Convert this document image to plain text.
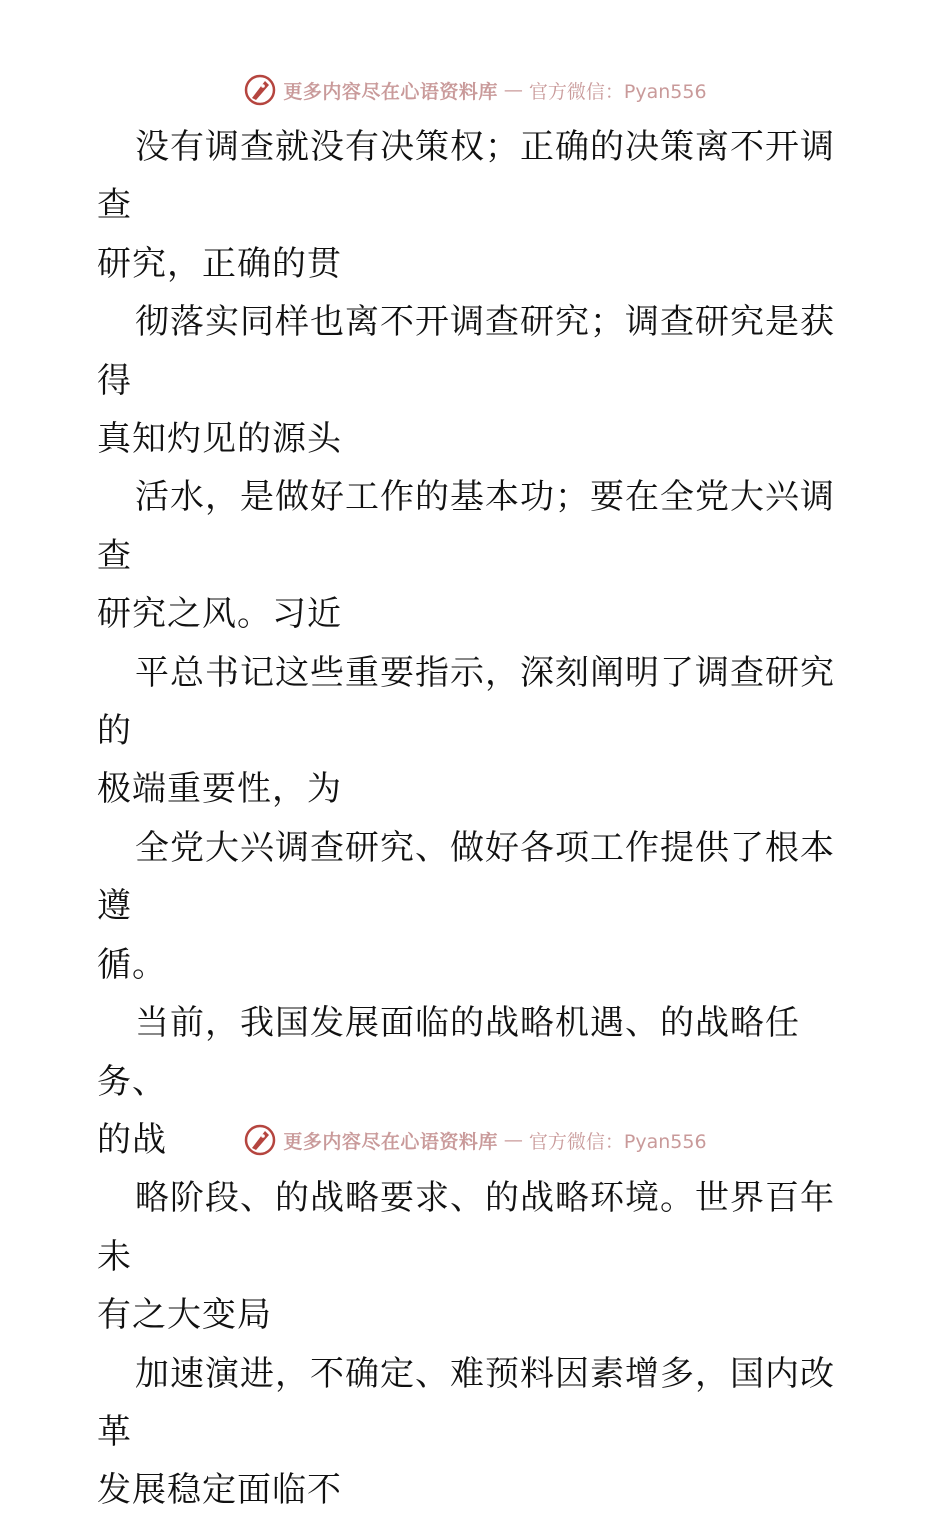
更多内容尽在心语资料库 — 官方微信：Pyan556

没有调查就没有决策权；正确的决策离不开调查

研究，正确的贯

彻落实同样也离不开调查研究；调查研究是获得

真知灼见的源头

活水，是做好工作的基本功；要在全党大兴调查

研究之风。习近

平总书记这些重要指示，深刻阐明了调查研究的

极端重要性，为

全党大兴调查研究、做好各项工作提供了根本遵

循。

当前，我国发展面临的战略机遇、的战略任务、

的战

略阶段、的战略要求、的战略环境。世界百年未

有之大变局

加速演进，不确定、难预料因素增多，国内改革

发展稳定面临不

更多内容尽在心语资料库 — 官方微信：Pyan556
